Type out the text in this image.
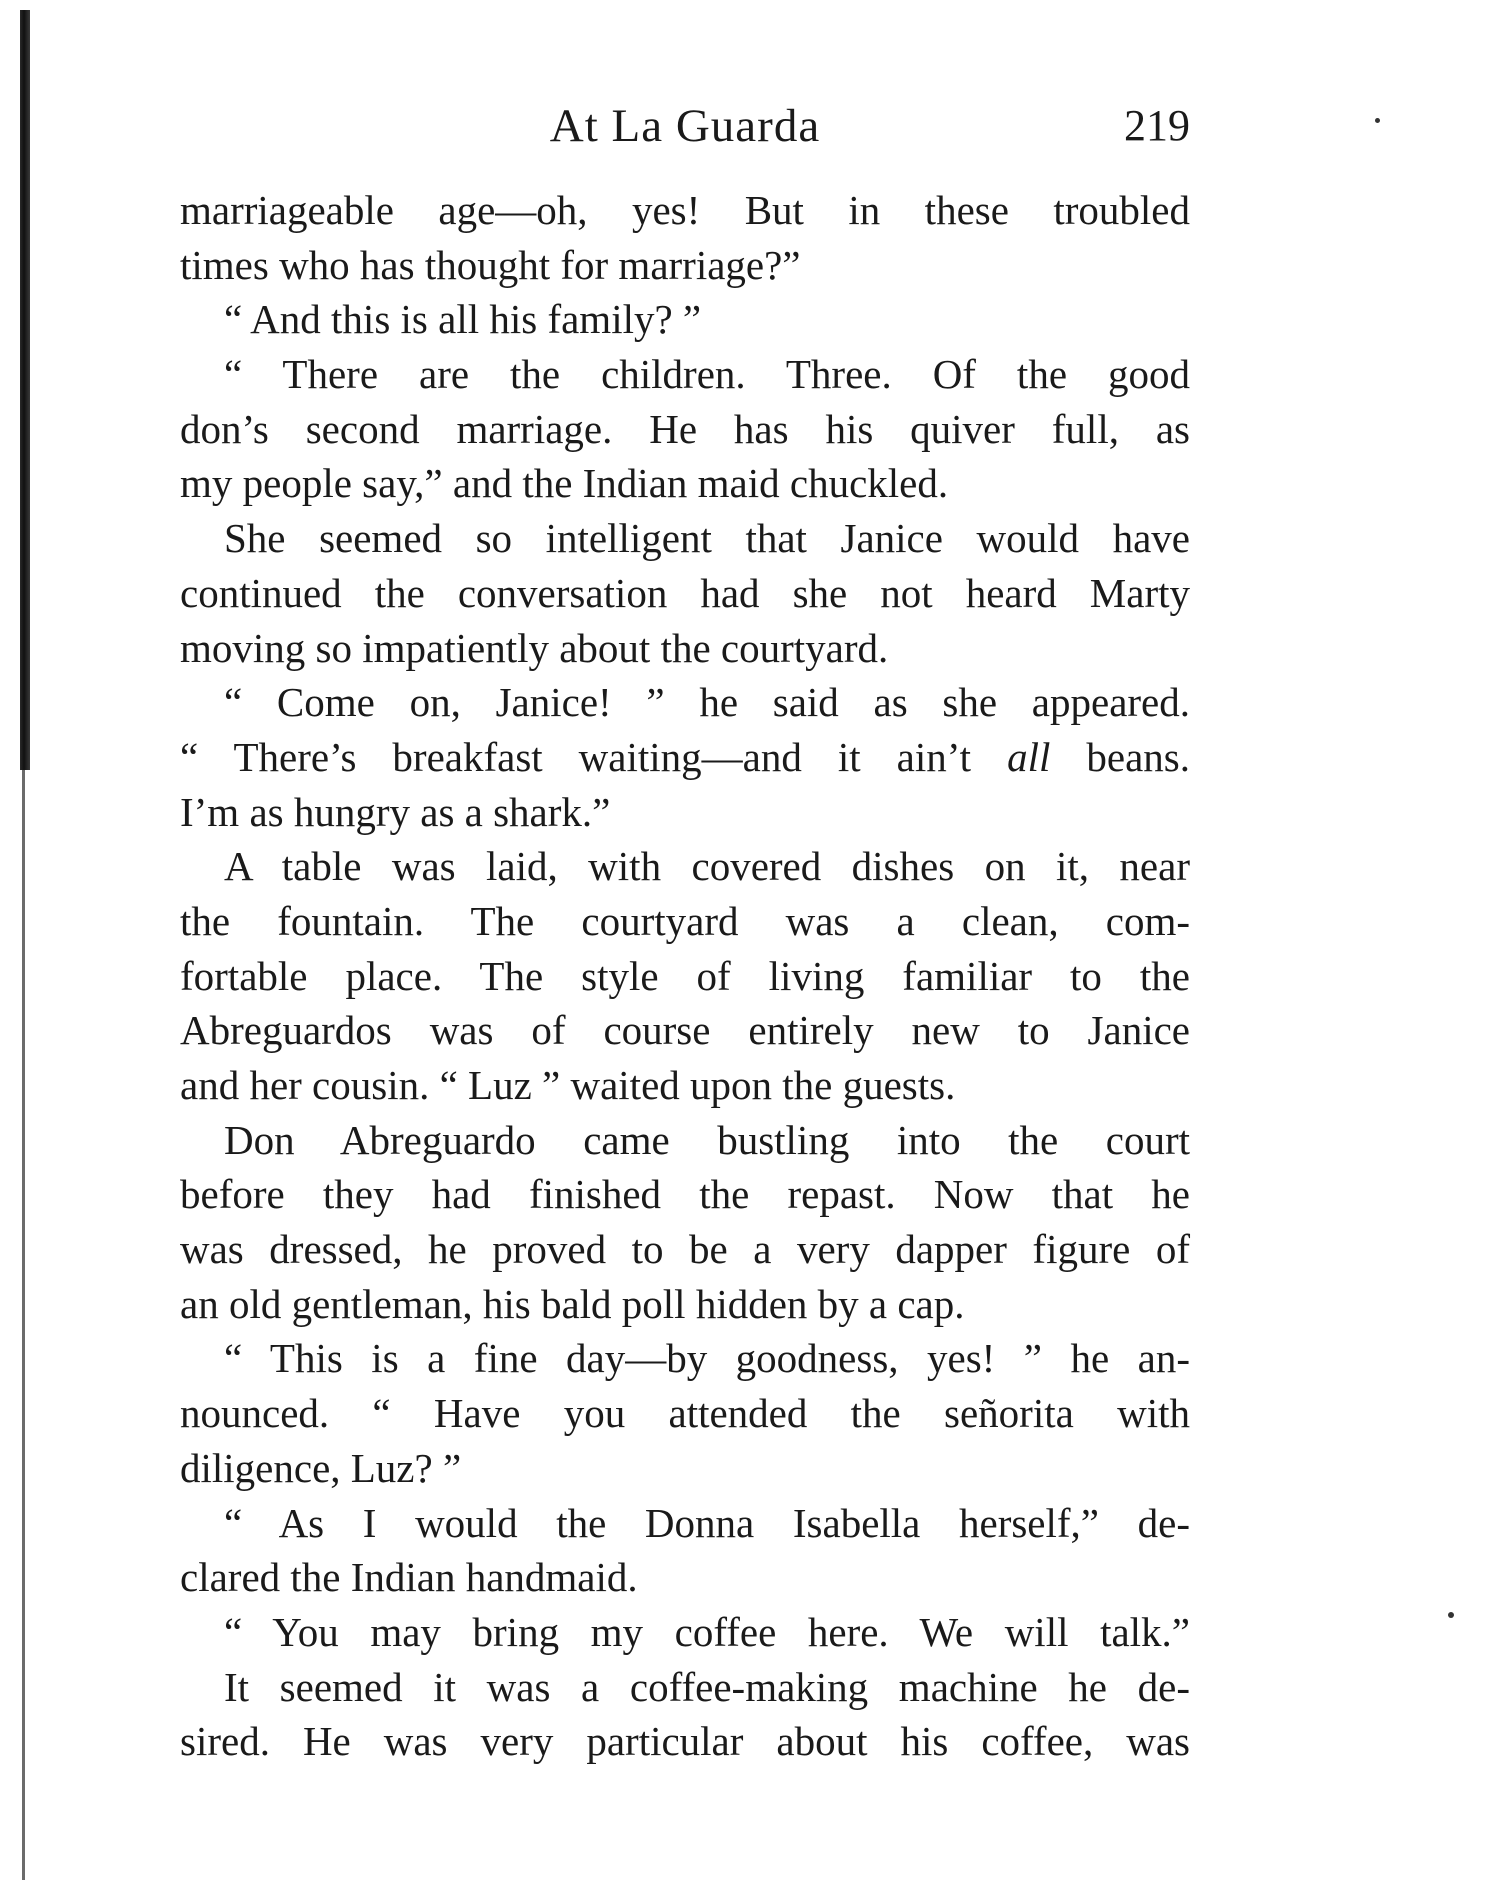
At La Guarda	219
marriageable age—oh, yes! But in these troubled
times who has thought for marriage?”
“ And this is all his family? ”
“ There are the children. Three. Of the good
don’s second marriage. He has his quiver full, as
my people say,” and the Indian maid chuckled.
She seemed so intelligent that Janice would have
continued the conversation had she not heard Marty
moving so impatiently about the courtyard.
“ Come on, Janice! ” he said as she appeared.
“ There’s breakfast waiting—and it ain’t all beans.
I’m as hungry as a shark.”
A table was laid, with covered dishes on it, near
the fountain. The courtyard was a clean, com-
fortable place. The style of living familiar to the
Abreguardos was of course entirely new to Janice
and her cousin. “ Luz ” waited upon the guests.
Don Abreguardo came bustling into the court
before they had finished the repast. Now that he
was dressed, he proved to be a very dapper figure of
an old gentleman, his bald poll hidden by a cap.
“ This is a fine day—by goodness, yes! ” he an-
nounced. “ Have you attended the señorita with
diligence, Luz? ”
“ As I would the Donna Isabella herself,” de-
clared the Indian handmaid.
“ You may bring my coffee here. We will talk.”
It seemed it was a coffee-making machine he de-
sired. He was very particular about his coffee, was
